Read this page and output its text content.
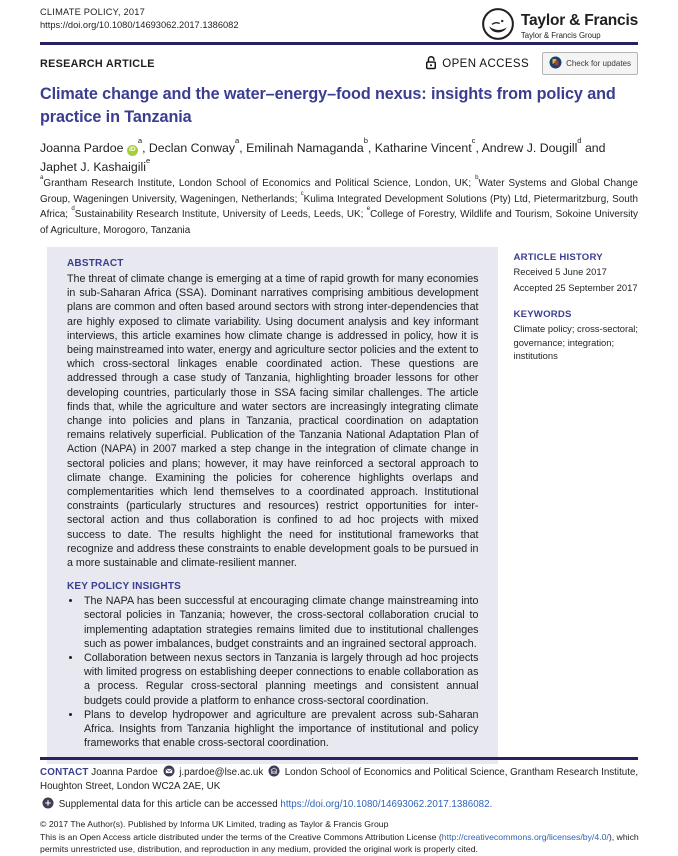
CLIMATE POLICY, 2017
https://doi.org/10.1080/14693062.2017.1386082	Taylor & Francis
Taylor & Francis Group
RESEARCH ARTICLE	OPEN ACCESS	Check for updates
Climate change and the water–energy–food nexus: insights from policy and practice in Tanzania

Joanna Pardoe $iD^a$, Declan Conway$^a$, Emilinah Namaganda$^b$, Katharine Vincent$^c$, Andrew J. Dougill$^d$ and Japhet J. Kashaigili$^e$

$^a$Grantham Research Institute, London School of Economics and Political Science, London, UK; $^b$Water Systems and Global Change Group, Wageningen University, Wageningen, Netherlands; $^c$Kulima Integrated Development Solutions (Pty) Ltd, Pietermaritzburg, South Africa; $^d$Sustainability Research Institute, University of Leeds, Leeds, UK; $^e$College of Forestry, Wildlife and Tourism, Sokoine University of Agriculture, Morogoro, Tanzania

ABSTRACT

The threat of climate change is emerging at a time of rapid growth for many economies in sub-Saharan Africa (SSA). Dominant narratives comprising ambitious development plans are common and often based around sectors with strong inter-dependencies that are highly exposed to climate variability. Using document analysis and key informant interviews, this article examines how climate change is addressed in policy, how it is being mainstreamed into water, energy and agriculture sector policies and the extent to which cross-sectoral linkages enable coordinated action. These questions are addressed through a case study of Tanzania, highlighting broader lessons for other developing countries, particularly those in SSA facing similar challenges. The article finds that, while the agriculture and water sectors are increasingly integrating climate change into policies and plans in Tanzania, practical coordination on adaptation remains relatively superficial. Publication of the Tanzania National Adaptation Plan of Action (NAPA) in 2007 marked a step change in the integration of climate change in sectoral policies and plans; however, it may have reinforced a sectoral approach to climate change. Examining the policies for coherence highlights overlaps and complementarities which lend themselves to a coordinated approach. Institutional constraints (particularly structures and resources) restrict opportunities for inter-sectoral action and thus collaboration is confined to ad hoc projects with mixed success to date. The results highlight the need for institutional frameworks that recognize and address these constraints to enable development goals to be pursued in a more sustainable and climate-resilient manner.

KEY POLICY INSIGHTS
• The NAPA has been successful at encouraging climate change mainstreaming into sectoral policies in Tanzania; however, the cross-sectoral collaboration crucial to implementing adaptation strategies remains limited due to institutional challenges such as power imbalances, budget constraints and an ingrained sectoral approach.
• Collaboration between nexus sectors in Tanzania is largely through ad hoc projects with limited progress on establishing deeper connections to enable collaboration as a process. Regular cross-sectoral planning meetings and consistent annual budgets could provide a platform to enhance cross-sectoral coordination.
• Plans to develop hydropower and agriculture are prevalent across sub-Saharan Africa. Insights from Tanzania highlight the importance of institutional and policy frameworks that enable cross-sectoral coordination.
ARTICLE HISTORY

Received 5 June 2017

Accepted 25 September 2017

KEYWORDS

Climate policy; cross-sectoral; governance; integration; institutions

CONTACT Joanna Pardoe j.pardoe@lse.ac.uk London School of Economics and Political Science, Grantham Research Institute, Houghton Street, London WC2A 2AE, UK

Supplemental data for this article can be accessed https://doi.org/10.1080/14693062.2017.1386082.

© 2017 The Author(s). Published by Informa UK Limited, trading as Taylor & Francis Group

This is an Open Access article distributed under the terms of the Creative Commons Attribution License (http://creativecommons.org/licenses/by/4.0/), which permits unrestricted use, distribution, and reproduction in any medium, provided the original work is properly cited.
